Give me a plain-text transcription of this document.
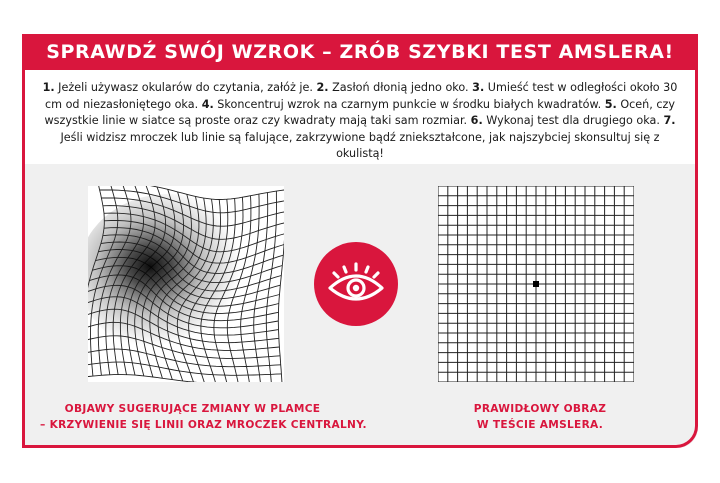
SPRAWDŹ SWÓJ WZROK – ZRÓB SZYBKI TEST AMSLERA!
1. Jeżeli używasz okularów do czytania, załóż je. 2. Zasłoń dłonią jedno oko. 3. Umieść test w odległości około 30 cm od niezasłoniętego oka. 4. Skoncentruj wzrok na czarnym punkcie w środku białych kwadratów. 5. Oceń, czy wszystkie linie w siatce są proste oraz czy kwadraty mają taki sam rozmiar. 6. Wykonaj test dla drugiego oka. 7. Jeśli widzisz mroczek lub linie są falujące, zakrzywione bądź zniekształcone, jak najszybciej skonsultuj się z okulistą!
OBJAWY SUGERUJĄCE ZMIANY W PLAMCE
– KRZYWIENIE SIĘ LINII ORAZ MROCZEK CENTRALNY.
PRAWIDŁOWY OBRAZ
W TEŚCIE AMSLERA.
